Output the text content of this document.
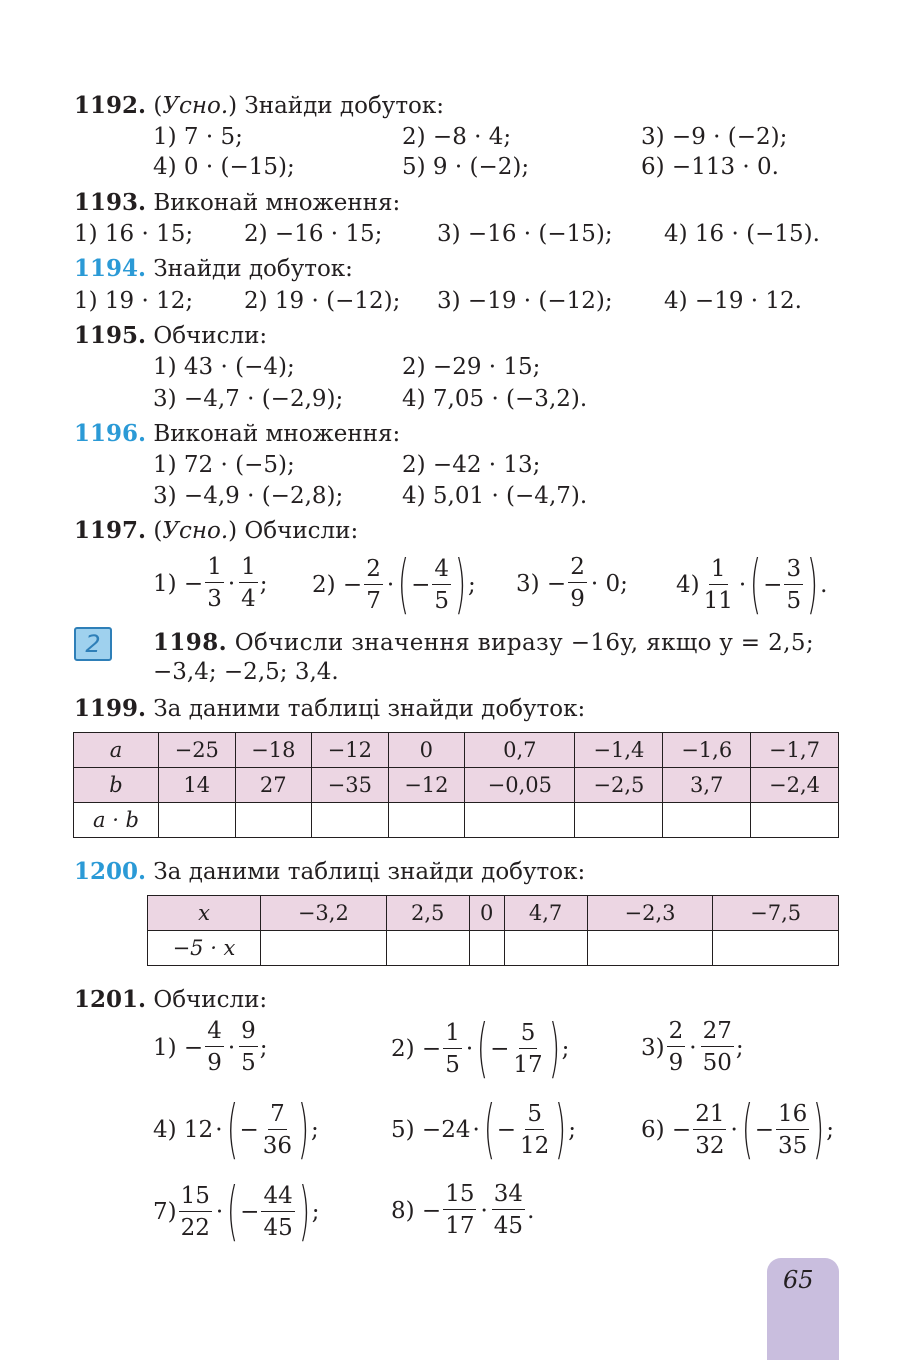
1192. (Усно.) Знайди добуток:
1) 7 · 5;	2) −8 · 4;	3) −9 · (−2);
4) 0 · (−15);	5) 9 · (−2);	6) −113 · 0.
1193. Виконай множення:
1) 16 · 15; 2) −16 · 15; 3) −16 · (−15); 4) 16 · (−15).
1194. Знайди добуток:
1) 19 · 12; 2) 19 · (−12); 3) −19 · (−12); 4) −19 · 12.
1195. Обчисли:
1) 43 · (−4);	2) −29 · 15;
3) −4,7 · (−2,9);	4) 7,05 · (−3,2).
1196. Виконай множення:
1) 72 · (−5);	2) −42 · 13;
3) −4,9 · (−2,8);	4) 5,01 · (−4,7).
1197. (Усно.) Обчисли:
$1) - \frac{1}{3} \cdot \frac{1}{4}$ ; $2) - \frac{2}{7}$ · ( − $\frac{4}{5}$ ) ; $3) - \frac{2}{9} \cdot 0$; $4) \frac{1}{11}$ · ( − $\frac{3}{5}$ ) .
2	1198. Обчисли значення виразу −16y, якщо y = 2,5;
−3,4; −2,5; 3,4.
1199. За даними таблиці знайди добуток:
a	−25	−18	−12	0	0,7	−1,4	−1,6	−1,7
b	14	27	−35	−12	−0,05	−2,5	3,7	−2,4
a · b								
1200. За даними таблиці знайди добуток:
x	−3,2	2,5	0	4,7	−2,3	−7,5
−5 · x						
1201. Обчисли:
$1) - \frac{4}{9} \cdot \frac{9}{5}$ ;	$2) - \frac{1}{5}$ · ( − $\frac{5}{17}$ ) ;	$3) \frac{2}{9} \cdot \frac{27}{50}$ ;
4) 12 · ( − $\frac{7}{36}$ ) ;	5) −24 · ( − $\frac{5}{12}$ ) ;	$6) - \frac{21}{32}$ · ( − $\frac{16}{35}$ ) ;
$7) \frac{15}{22}$ · ( − $\frac{44}{45}$ ) ;	$8) - \frac{15}{17} \cdot \frac{34}{45}$ .
65
